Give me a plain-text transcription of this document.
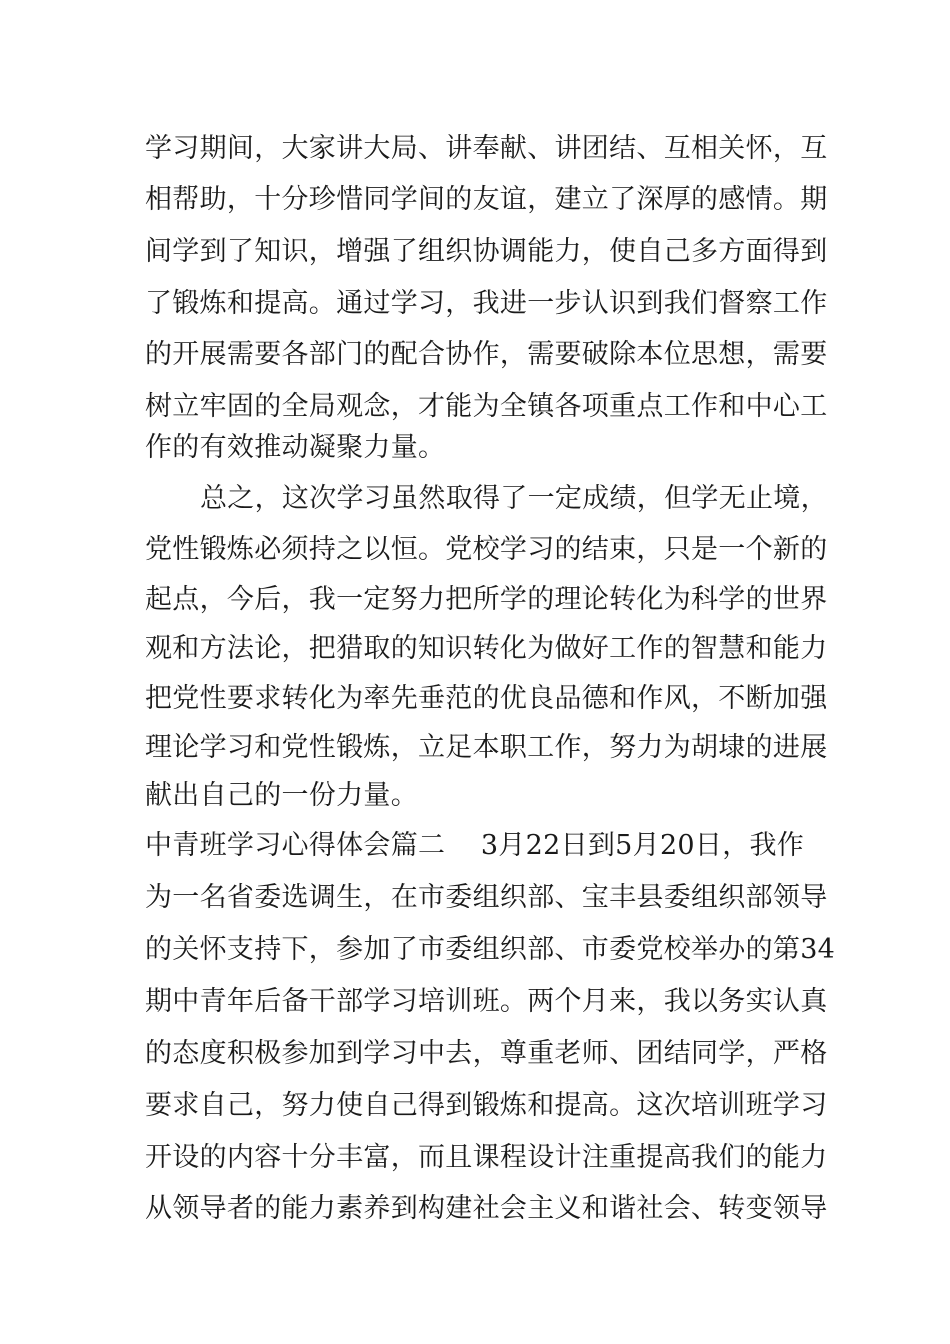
学习期间，大家讲大局、讲奉献、讲团结、互相关怀，互
相帮助，十分珍惜同学间的友谊，建立了深厚的感情。期
间学到了知识，增强了组织协调能力，使自己多方面得到
了锻炼和提高。通过学习，我进一步认识到我们督察工作
的开展需要各部门的配合协作，需要破除本位思想，需要
树立牢固的全局观念，才能为全镇各项重点工作和中心工
作的有效推动凝聚力量。
总之，这次学习虽然取得了一定成绩，但学无止境，
党性锻炼必须持之以恒。党校学习的结束，只是一个新的
起点，今后，我一定努力把所学的理论转化为科学的世界
观和方法论，把猎取的知识转化为做好工作的智慧和能力
把党性要求转化为率先垂范的优良品德和作风，不断加强
理论学习和党性锻炼，立足本职工作，努力为胡埭的进展
献出自己的一份力量。
中青班学习心得体会篇二    3月22日到5月20日，我作
为一名省委选调生，在市委组织部、宝丰县委组织部领导
的关怀支持下，参加了市委组织部、市委党校举办的第34
期中青年后备干部学习培训班。两个月来，我以务实认真
的态度积极参加到学习中去，尊重老师、团结同学，严格
要求自己，努力使自己得到锻炼和提高。这次培训班学习
开设的内容十分丰富，而且课程设计注重提高我们的能力
从领导者的能力素养到构建社会主义和谐社会、转变领导
